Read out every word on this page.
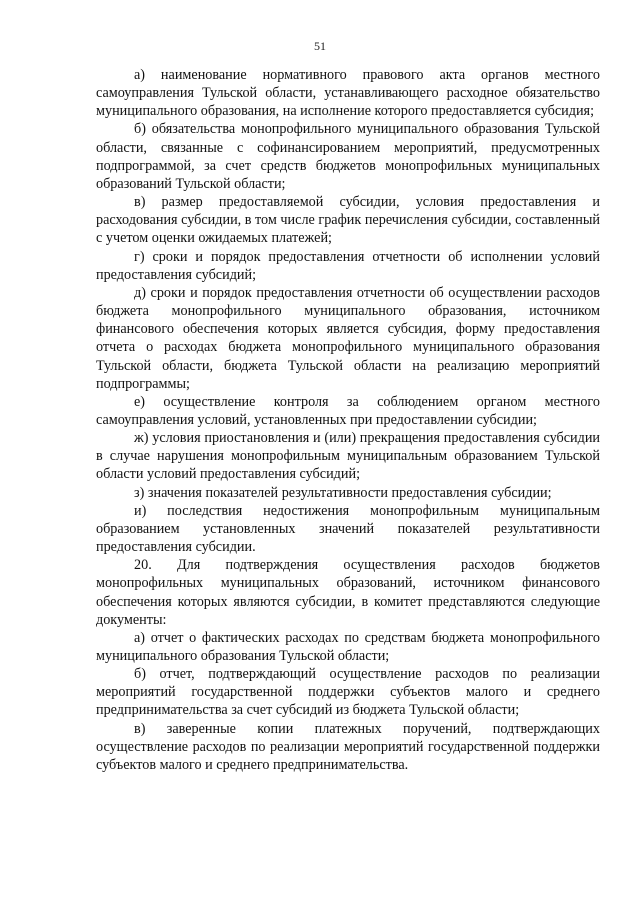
51

а) наименование нормативного правового акта органов местного самоуправления Тульской области, устанавливающего расходное обязательство муниципального образования, на исполнение которого предоставляется субсидия;

б) обязательства монопрофильного муниципального образования Тульской области, связанные с софинансированием мероприятий, предусмотренных подпрограммой, за счет средств бюджетов монопрофильных муниципальных образований Тульской области;

в) размер предоставляемой субсидии, условия предоставления и расходования субсидии, в том числе график перечисления субсидии, составленный с учетом оценки ожидаемых платежей;

г) сроки и порядок предоставления отчетности об исполнении условий предоставления субсидий;

д) сроки и порядок предоставления отчетности об осуществлении расходов бюджета монопрофильного муниципального образования, источником финансового обеспечения которых является субсидия, форму предоставления отчета о расходах бюджета монопрофильного муниципального образования Тульской области, бюджета Тульской области на реализацию мероприятий подпрограммы;

е) осуществление контроля за соблюдением органом местного самоуправления условий, установленных при предоставлении субсидии;

ж) условия приостановления и (или) прекращения предоставления субсидии в случае нарушения монопрофильным муниципальным образованием Тульской области условий предоставления субсидий;

з) значения показателей результативности предоставления субсидии;

и) последствия недостижения монопрофильным муниципальным образованием установленных значений показателей результативности предоставления субсидии.

20. Для подтверждения осуществления расходов бюджетов монопрофильных муниципальных образований, источником финансового обеспечения которых являются субсидии, в комитет представляются следующие документы:

а) отчет о фактических расходах по средствам бюджета монопрофильного муниципального образования Тульской области;

б) отчет, подтверждающий осуществление расходов по реализации мероприятий государственной поддержки субъектов малого и среднего предпринимательства за счет субсидий из бюджета Тульской области;

в) заверенные копии платежных поручений, подтверждающих осуществление расходов по реализации мероприятий государственной поддержки субъектов малого и среднего предпринимательства.
